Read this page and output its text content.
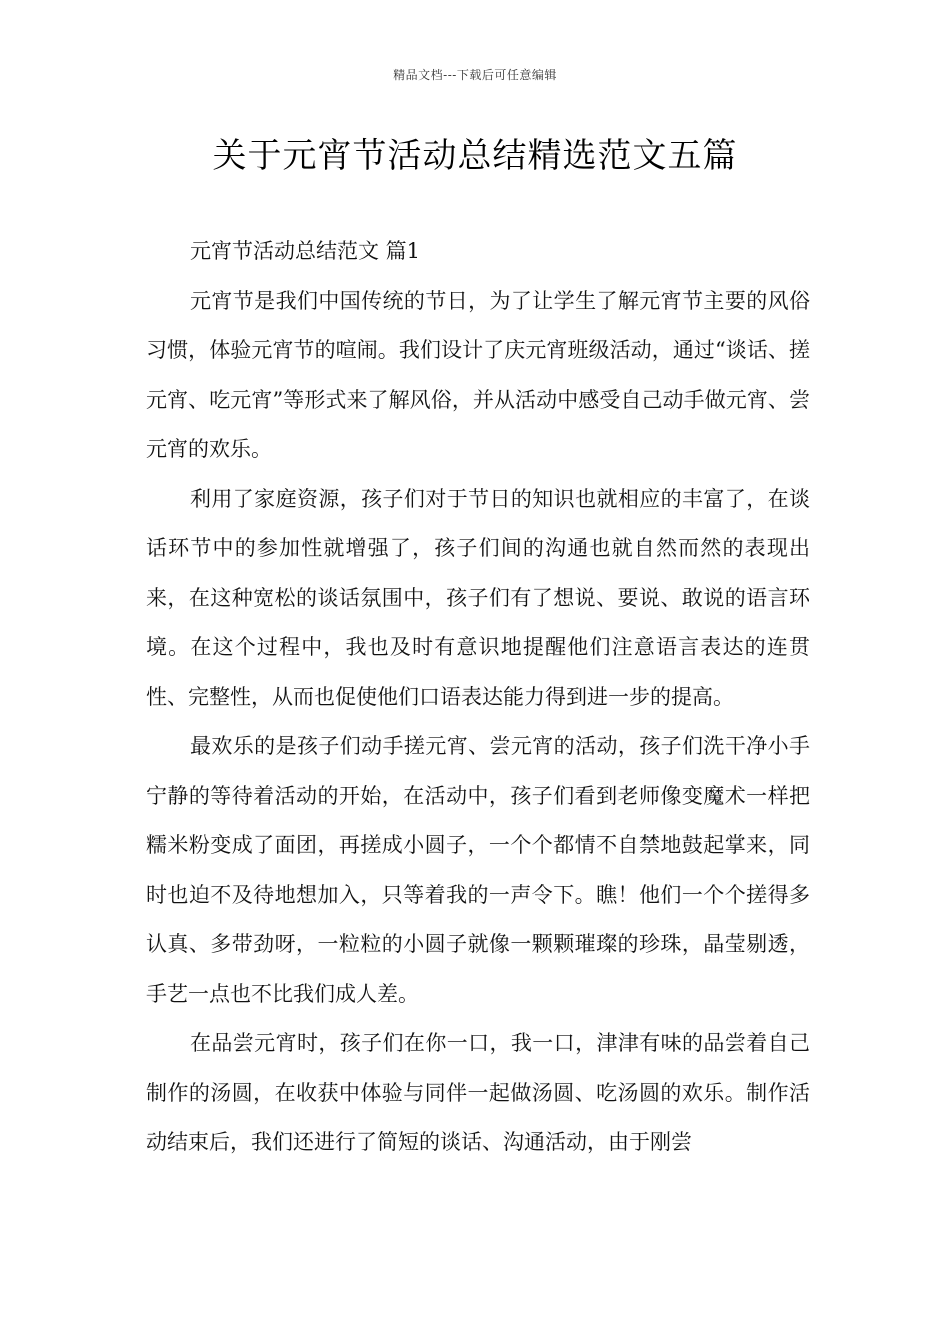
精品文档---下载后可任意编辑
关于元宵节活动总结精选范文五篇

元宵节活动总结范文 篇1

元宵节是我们中国传统的节日，为了让学生了解元宵节主要的风俗习惯，体验元宵节的喧闹。我们设计了庆元宵班级活动，通过“谈话、搓元宵、吃元宵”等形式来了解风俗，并从活动中感受自己动手做元宵、尝元宵的欢乐。

利用了家庭资源，孩子们对于节日的知识也就相应的丰富了，在谈话环节中的参加性就增强了，孩子们间的沟通也就自然而然的表现出来，在这种宽松的谈话氛围中，孩子们有了想说、要说、敢说的语言环境。在这个过程中，我也及时有意识地提醒他们注意语言表达的连贯性、完整性，从而也促使他们口语表达能力得到进一步的提高。

最欢乐的是孩子们动手搓元宵、尝元宵的活动，孩子们洗干净小手宁静的等待着活动的开始，在活动中，孩子们看到老师像变魔术一样把糯米粉变成了面团，再搓成小圆子，一个个都情不自禁地鼓起掌来，同时也迫不及待地想加入，只等着我的一声令下。瞧！他们一个个搓得多认真、多带劲呀，一粒粒的小圆子就像一颗颗璀璨的珍珠，晶莹剔透，手艺一点也不比我们成人差。

在品尝元宵时，孩子们在你一口，我一口，津津有味的品尝着自己制作的汤圆，在收获中体验与同伴一起做汤圆、吃汤圆的欢乐。制作活动结束后，我们还进行了简短的谈话、沟通活动，由于刚尝
